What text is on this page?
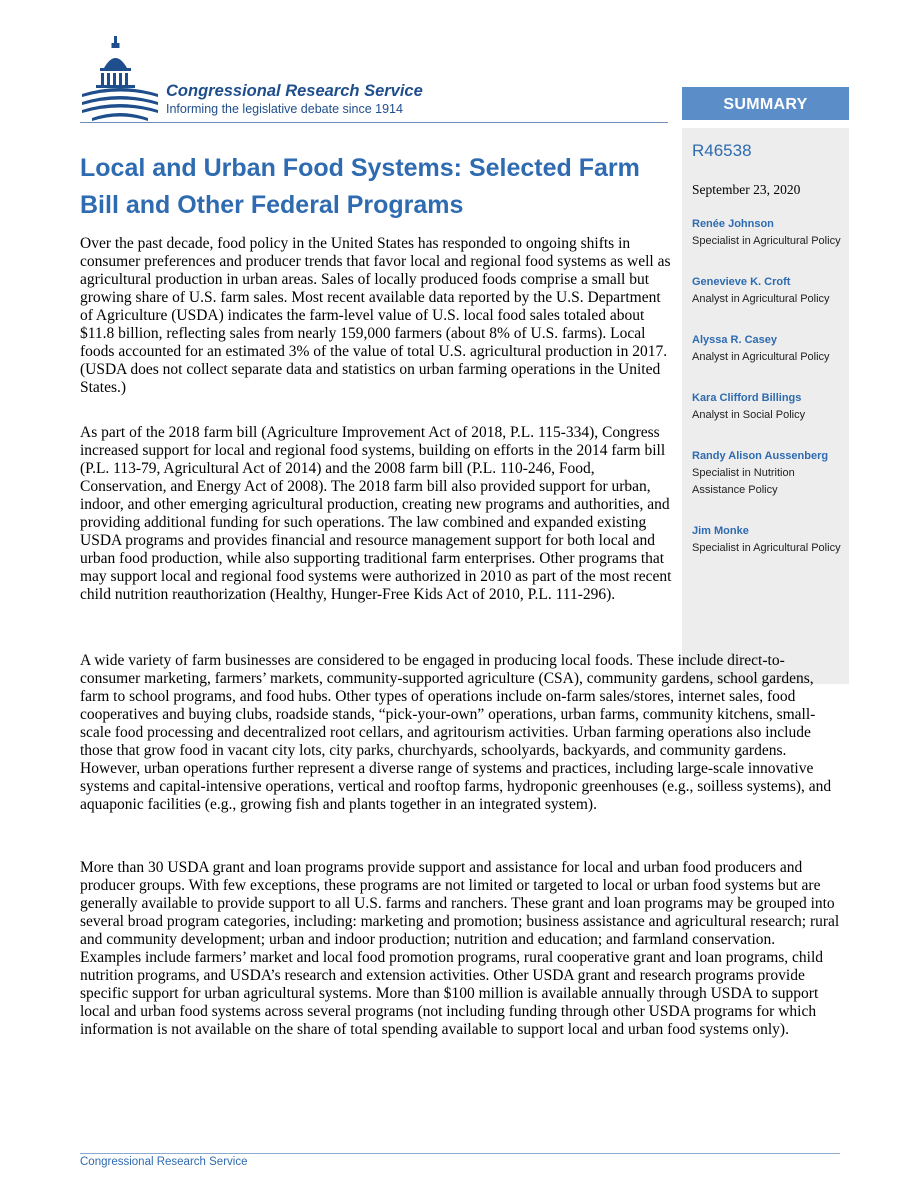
Congressional Research Service
Informing the legislative debate since 1914	SUMMARY
R46538
September 23, 2020
Renée Johnson
Specialist in Agricultural Policy
Genevieve K. Croft
Analyst in Agricultural Policy
Alyssa R. Casey
Analyst in Agricultural Policy
Kara Clifford Billings
Analyst in Social Policy
Randy Alison Aussenberg
Specialist in Nutrition Assistance Policy
Jim Monke
Specialist in Agricultural Policy
Local and Urban Food Systems: Selected Farm Bill and Other Federal Programs

Over the past decade, food policy in the United States has responded to ongoing shifts in consumer preferences and producer trends that favor local and regional food systems as well as agricultural production in urban areas. Sales of locally produced foods comprise a small but growing share of U.S. farm sales. Most recent available data reported by the U.S. Department of Agriculture (USDA) indicates the farm-level value of U.S. local food sales totaled about $11.8 billion, reflecting sales from nearly 159,000 farmers (about 8% of U.S. farms). Local foods accounted for an estimated 3% of the value of total U.S. agricultural production in 2017. (USDA does not collect separate data and statistics on urban farming operations in the United States.)

As part of the 2018 farm bill (Agriculture Improvement Act of 2018, P.L. 115-334), Congress increased support for local and regional food systems, building on efforts in the 2014 farm bill (P.L. 113-79, Agricultural Act of 2014) and the 2008 farm bill (P.L. 110-246, Food, Conservation, and Energy Act of 2008). The 2018 farm bill also provided support for urban, indoor, and other emerging agricultural production, creating new programs and authorities, and providing additional funding for such operations. The law combined and expanded existing USDA programs and provides financial and resource management support for both local and urban food production, while also supporting traditional farm enterprises. Other programs that may support local and regional food systems were authorized in 2010 as part of the most recent child nutrition reauthorization (Healthy, Hunger-Free Kids Act of 2010, P.L. 111-296).

A wide variety of farm businesses are considered to be engaged in producing local foods. These include direct-to-consumer marketing, farmers’ markets, community-supported agriculture (CSA), community gardens, school gardens, farm to school programs, and food hubs. Other types of operations include on-farm sales/stores, internet sales, food cooperatives and buying clubs, roadside stands, “pick-your-own” operations, urban farms, community kitchens, small-scale food processing and decentralized root cellars, and agritourism activities. Urban farming operations also include those that grow food in vacant city lots, city parks, churchyards, schoolyards, backyards, and community gardens. However, urban operations further represent a diverse range of systems and practices, including large-scale innovative systems and capital-intensive operations, vertical and rooftop farms, hydroponic greenhouses (e.g., soilless systems), and aquaponic facilities (e.g., growing fish and plants together in an integrated system).

More than 30 USDA grant and loan programs provide support and assistance for local and urban food producers and producer groups. With few exceptions, these programs are not limited or targeted to local or urban food systems but are generally available to provide support to all U.S. farms and ranchers. These grant and loan programs may be grouped into several broad program categories, including: marketing and promotion; business assistance and agricultural research; rural and community development; urban and indoor production; nutrition and education; and farmland conservation. Examples include farmers’ market and local food promotion programs, rural cooperative grant and loan programs, child nutrition programs, and USDA’s research and extension activities. Other USDA grant and research programs provide specific support for urban agricultural systems. More than $100 million is available annually through USDA to support local and urban food systems across several programs (not including funding through other USDA programs for which information is not available on the share of total spending available to support local and urban food systems only).

Congressional Research Service
